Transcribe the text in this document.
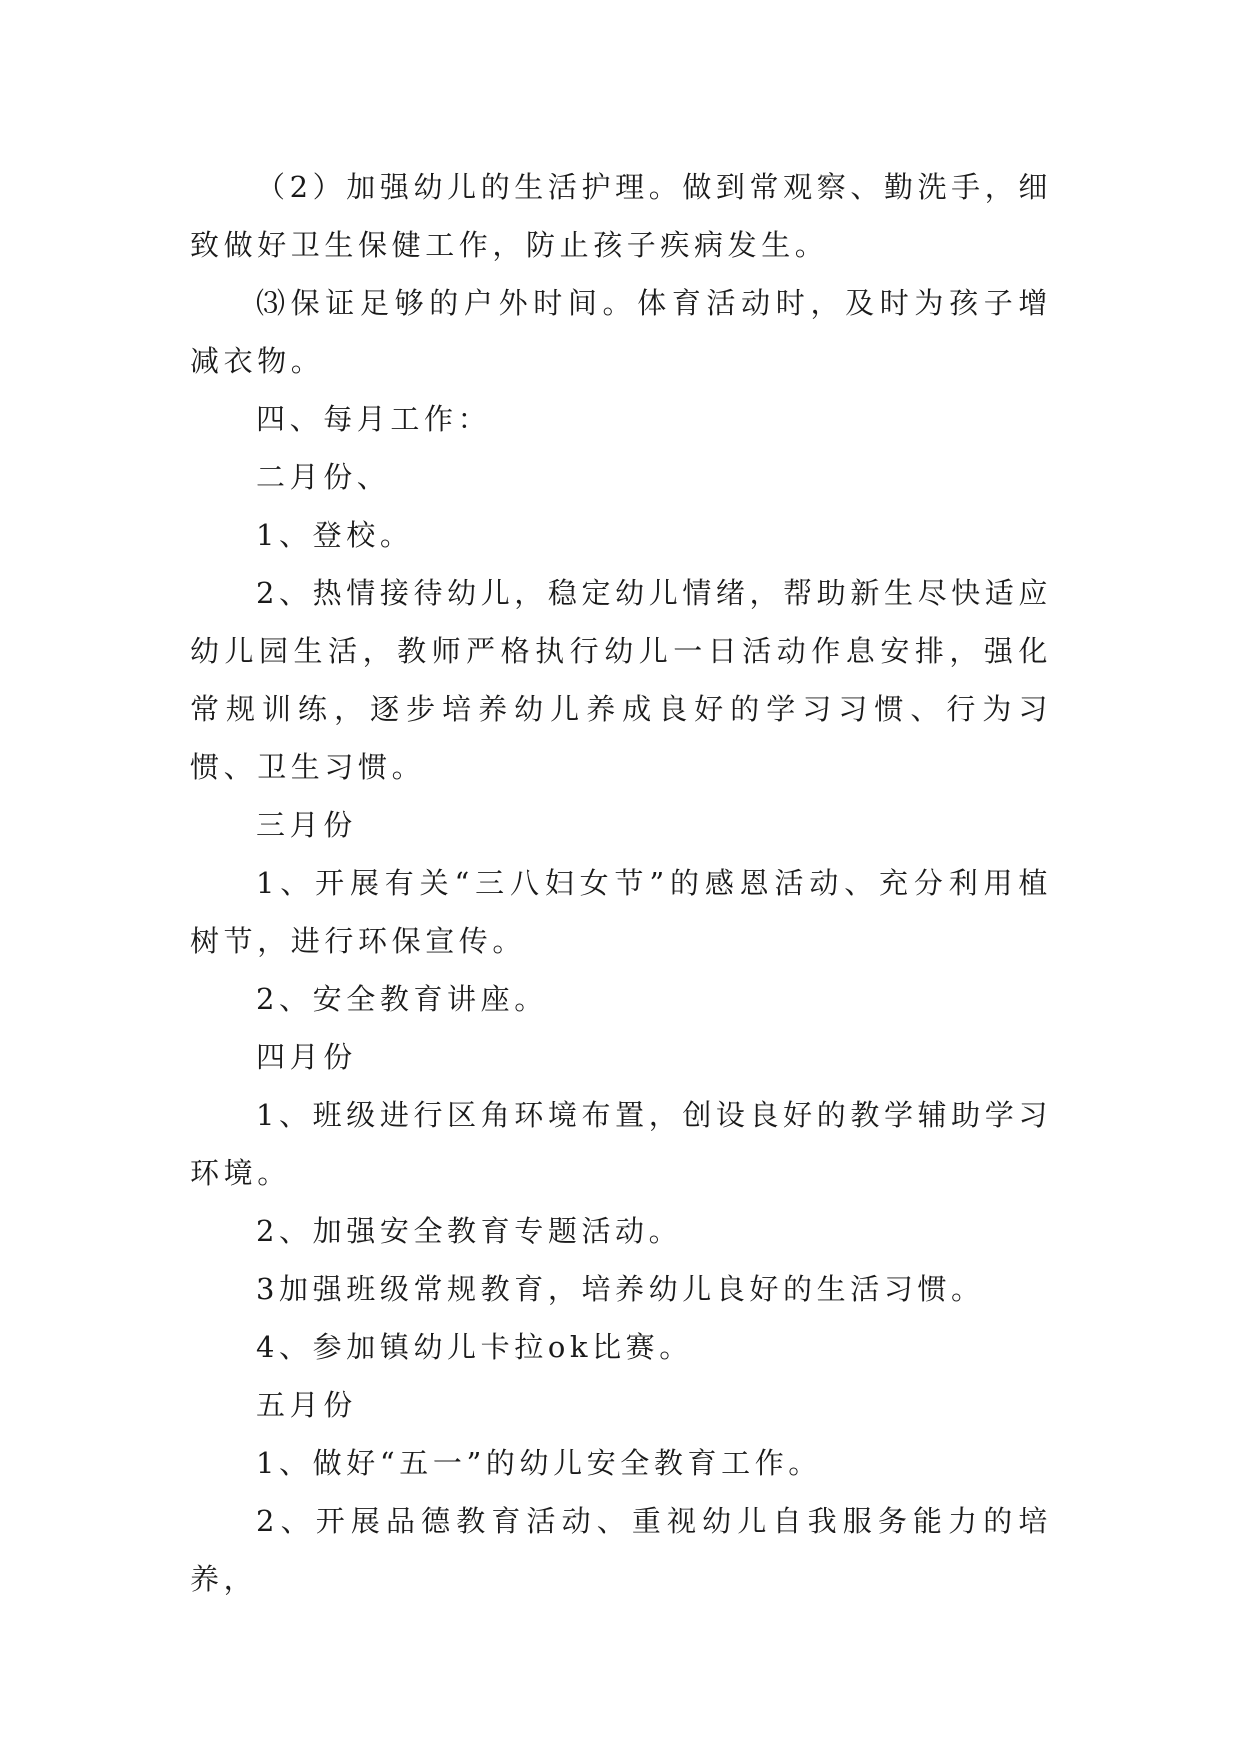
（2）加强幼儿的生活护理。做到常观察、勤洗手，细致做好卫生保健工作，防止孩子疾病发生。

⑶保证足够的户外时间。体育活动时，及时为孩子增减衣物。

四、每月工作：

二月份、

1、登校。

2、热情接待幼儿，稳定幼儿情绪，帮助新生尽快适应幼儿园生活，教师严格执行幼儿一日活动作息安排，强化常规训练，逐步培养幼儿养成良好的学习习惯、行为习惯、卫生习惯。

三月份

1、开展有关“三八妇女节”的感恩活动、充分利用植树节，进行环保宣传。

2、安全教育讲座。

四月份

1、班级进行区角环境布置，创设良好的教学辅助学习环境。

2、加强安全教育专题活动。

3加强班级常规教育，培养幼儿良好的生活习惯。

4、参加镇幼儿卡拉ok比赛。

五月份

1、做好“五一”的幼儿安全教育工作。

2、开展品德教育活动、重视幼儿自我服务能力的培养，
